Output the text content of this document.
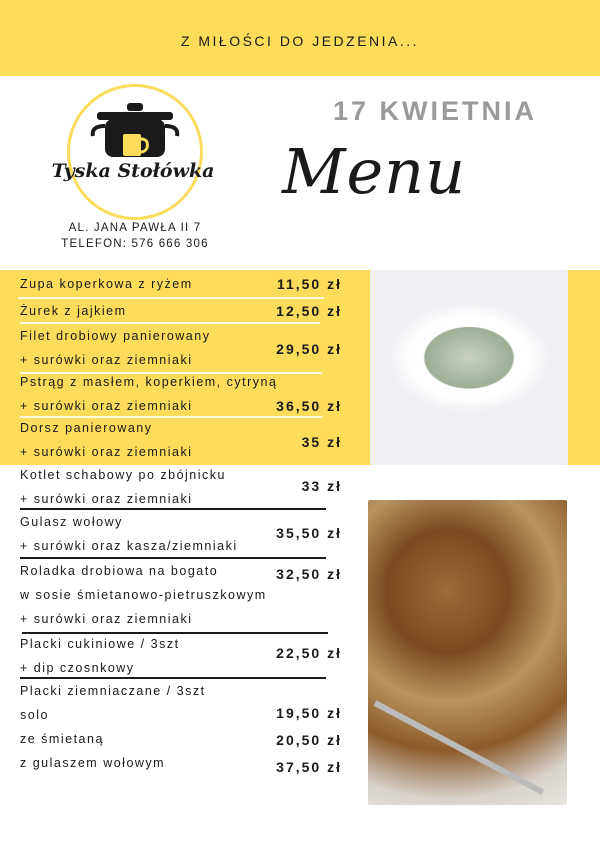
Z MIŁOŚCI DO JEDZENIA...
Tyska Stołówka
AL. JANA PAWŁA II 7
TELEFON: 576 666 306
17 KWIETNIA
Menu
Zupa koperkowa z ryżem	11,50 zł
Żurek z jajkiem	12,50 zł
Filet drobiowy panierowany
+ surówki oraz ziemniaki
29,50 zł
Pstrąg z masłem, koperkiem, cytryną
+ surówki oraz ziemniaki	36,50 zł
Dorsz panierowany
+ surówki oraz ziemniaki
35 zł
Kotlet schabowy po zbójnicku
+ surówki oraz ziemniaki
33 zł
Gulasz wołowy
+ surówki oraz kasza/ziemniaki
35,50 zł
Roladka drobiowa na bogato
w sosie śmietanowo-pietruszkowym
+ surówki oraz ziemniaki
32,50 zł
Placki cukiniowe / 3szt
+ dip czosnkowy
22,50 zł
Placki ziemniaczane / 3szt
solo	19,50 zł
ze śmietaną	20,50 zł
z gulaszem wołowym	37,50 zł
